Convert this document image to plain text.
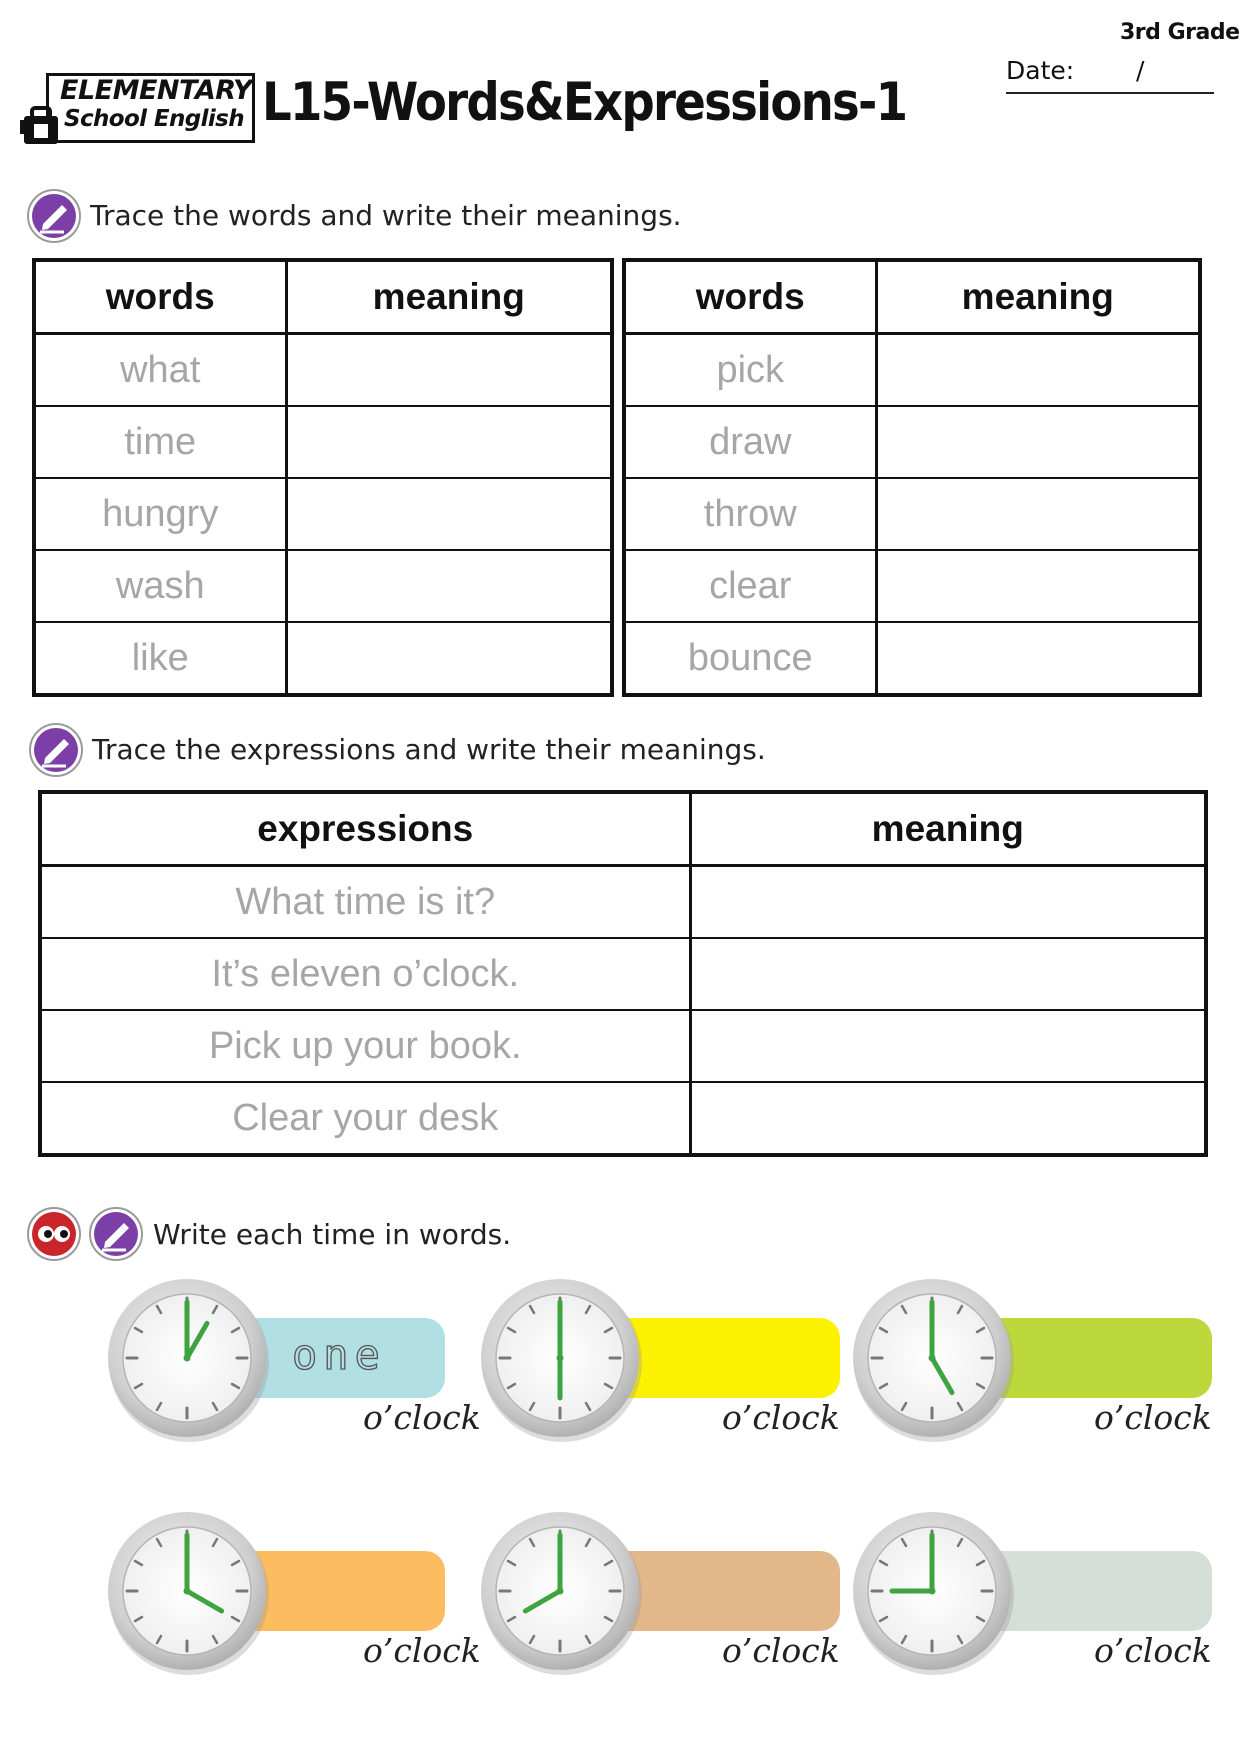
3rd Grade
Date: /
ELEMENTARY
School English L15-Words&Expressions-1
Trace the words and write their meanings.
words	meaning
what	
time	
hungry	
wash	
like	
words	meaning
pick	
draw	
throw	
clear	
bounce	
Trace the expressions and write their meanings.
expressions	meaning
What time is it?	
It’s eleven o’clock.	
Pick up your book.	
Clear your desk	
Write each time in words.
one
o’clock	o’clock	o’clock
o’clock	o’clock	o’clock
